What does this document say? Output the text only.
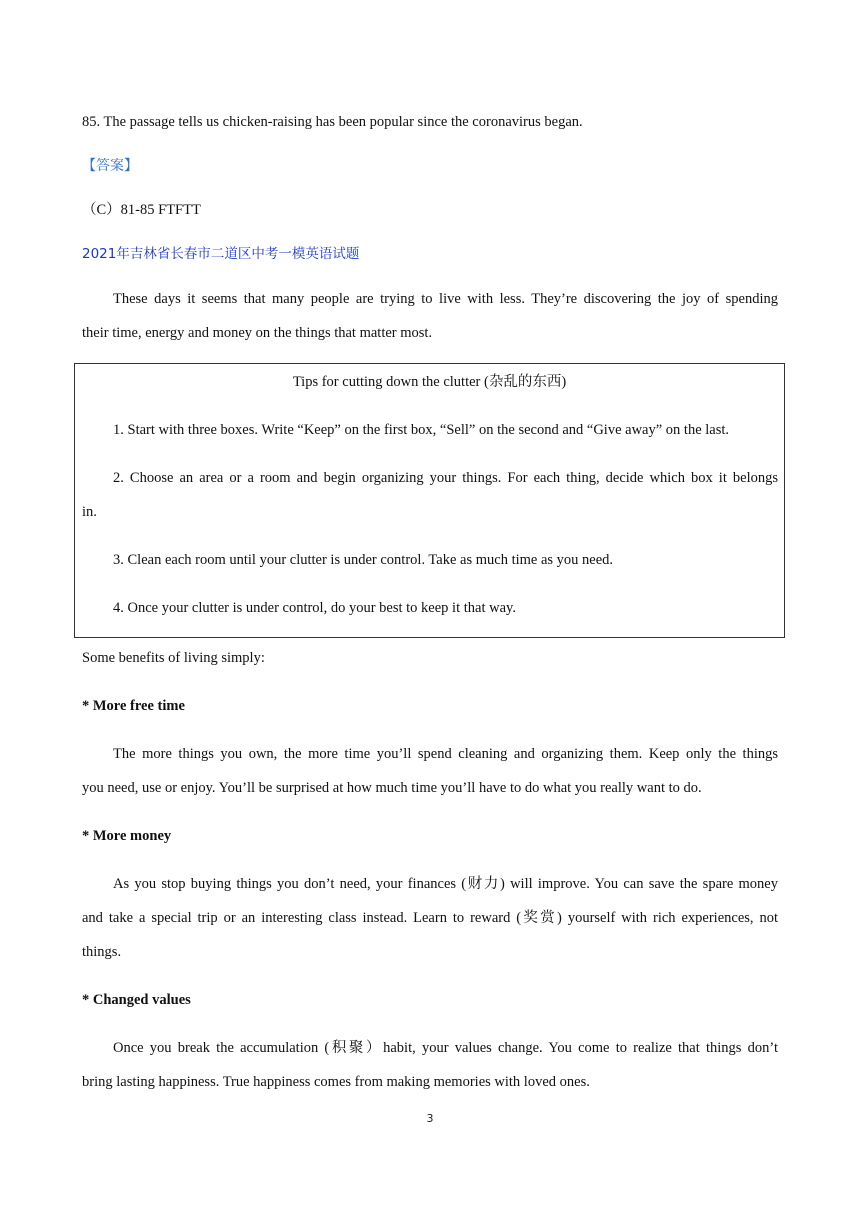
85. The passage tells us chicken-raising has been popular since the coronavirus began.
【答案】
（C）81-85 FTFTT
2021年吉林省长春市二道区中考一模英语试题
These days it seems that many people are trying to live with less. They’re discovering the joy of spending
their time, energy and money on the things that matter most.
Tips for cutting down the clutter (杂乱的东西)
1. Start with three boxes. Write “Keep” on the first box, “Sell” on the second and “Give away” on the last.
2. Choose an area or a room and begin organizing your things. For each thing, decide which box it belongs
in.
3. Clean each room until your clutter is under control. Take as much time as you need.
4. Once your clutter is under control, do your best to keep it that way.
Some benefits of living simply:
* More free time
The more things you own, the more time you’ll spend cleaning and organizing them. Keep only the things
you need, use or enjoy. You’ll be surprised at how much time you’ll have to do what you really want to do.
* More money
As you stop buying things you don’t need, your finances (财力) will improve. You can save the spare money
and take a special trip or an interesting class instead. Learn to reward (奖赏) yourself with rich experiences, not
things.
* Changed values
Once you break the accumulation (积聚）habit, your values change. You come to realize that things don’t
bring lasting happiness. True happiness comes from making memories with loved ones.
3
